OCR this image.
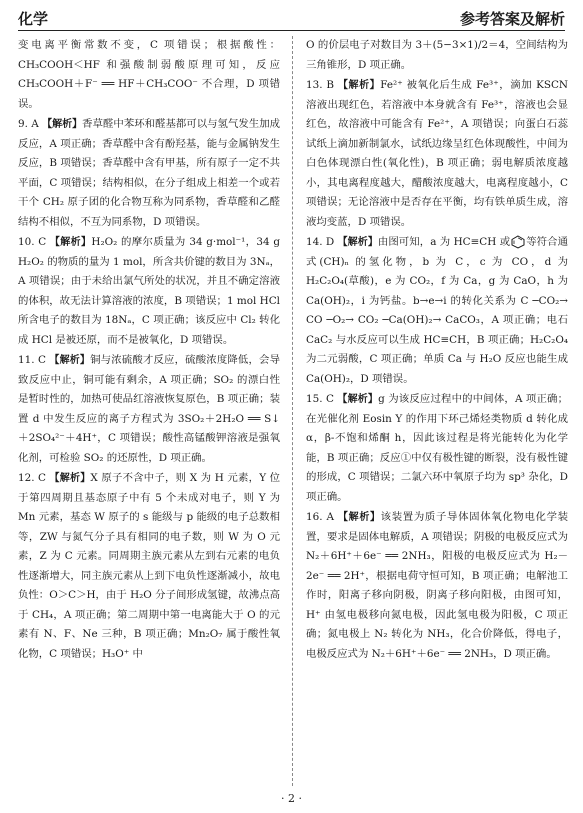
化学	参考答案及解析

变电离平衡常数不变，C 项错误；根据酸性：CH₃COOH＜HF 和强酸制弱酸原理可知，反应 CH₃COOH＋F⁻ ══ HF＋CH₃COO⁻ 不合理，D 项错误。

9. A 【解析】香草醛中苯环和醛基都可以与氢气发生加成反应，A 项正确；香草醛中含有酚羟基，能与金属钠发生反应，B 项错误；香草醛中含有甲基，所有原子一定不共平面，C 项错误；结构相似，在分子组成上相差一个或若干个 CH₂ 原子团的化合物互称为同系物，香草醛和乙醛结构不相似，不互为同系物，D 项错误。

10. C 【解析】H₂O₂ 的摩尔质量为 34 g·mol⁻¹，34 g H₂O₂ 的物质的量为 1 mol，所含共价键的数目为 3Nₐ，A 项错误；由于未给出氯气所处的状况，并且不确定溶液的体积，故无法计算溶液的浓度，B 项错误；1 mol HCl 所含电子的数目为 18Nₐ，C 项正确；该反应中 Cl₂ 转化成 HCl 是被还原，而不是被氧化，D 项错误。

11. C 【解析】铜与浓硫酸才反应，硫酸浓度降低，会导致反应中止，铜可能有剩余，A 项正确；SO₂ 的漂白性是暂时性的，加热可使品红溶液恢复原色，B 项正确；装置 d 中发生反应的离子方程式为 3SO₂＋2H₂O ══ S↓＋2SO₄²⁻＋4H⁺，C 项错误；酸性高锰酸钾溶液是强氧化剂，可检验 SO₂ 的还原性，D 项正确。

12. C 【解析】X 原子不含中子，则 X 为 H 元素，Y 位于第四周期且基态原子中有 5 个未成对电子，则 Y 为 Mn 元素，基态 W 原子的 s 能级与 p 能级的电子总数相等，ZW 与氮气分子具有相同的电子数，则 W 为 O 元素，Z 为 C 元素。同周期主族元素从左到右元素的电负性逐渐增大，同主族元素从上到下电负性逐渐减小，故电负性：O＞C＞H，由于 H₂O 分子间形成氢键，故沸点高于 CH₄，A 项正确；第二周期中第一电离能大于 O 的元素有 N、F、Ne 三种，B 项正确；Mn₂O₇ 属于酸性氧化物，C 项错误；H₃O⁺ 中

O 的价层电子对数目为 3＋(5−3×1)/2＝4，空间结构为三角锥形，D 项正确。

13. B 【解析】Fe²⁺ 被氧化后生成 Fe³⁺，滴加 KSCN 溶液出现红色，若溶液中本身就含有 Fe³⁺，溶液也会显红色，故溶液中可能含有 Fe²⁺，A 项错误；向蛋白石蕊试纸上滴加新制氯水，试纸边缘呈红色体现酸性，中间为白色体现漂白性(氧化性)，B 项正确；弱电解质浓度越小，其电离程度越大，醋酸浓度越大，电离程度越小，C 项错误；无论溶液中是否存在平衡，均有铁单质生成，溶液均变蓝，D 项错误。

14. D 【解析】由图可知，a 为 HC≡CH 或 等符合通式(CH)ₙ 的氢化物，b 为 C，c 为 CO，d 为 H₂C₂O₄(草酸)，e 为 CO₂，f 为 Ca，g 为 CaO，h 为 Ca(OH)₂，i 为钙盐。b→e→i 的转化关系为 C ─CO₂→ CO ─O₂→ CO₂ ─Ca(OH)₂→ CaCO₃，A 项正确；电石 CaC₂ 与水反应可以生成 HC≡CH，B 项正确；H₂C₂O₄ 为二元弱酸，C 项正确；单质 Ca 与 H₂O 反应也能生成 Ca(OH)₂，D 项错误。

15. C 【解析】g 为该反应过程中的中间体，A 项正确；在光催化剂 Eosin Y 的作用下环己烯烃类物质 d 转化成 α，β-不饱和烯酮 h，因此该过程是将光能转化为化学能，B 项正确；反应①中仅有极性键的断裂，没有极性键的形成，C 项错误；二氯六环中氧原子均为 sp³ 杂化，D 项正确。

16. A 【解析】该装置为质子导体固体氧化物电化学装置，要求是固体电解质，A 项错误；阴极的电极反应式为 N₂＋6H⁺＋6e⁻ ══ 2NH₃，阳极的电极反应式为 H₂－2e⁻ ══ 2H⁺，根据电荷守恒可知，B 项正确；电解池工作时，阳离子移向阴极，阴离子移向阳极，由图可知，H⁺ 由氢电极移向氮电极，因此氢电极为阳极，C 项正确；氮电极上 N₂ 转化为 NH₃，化合价降低，得电子，电极反应式为 N₂＋6H⁺＋6e⁻ ══ 2NH₃，D 项正确。

· 2 ·
